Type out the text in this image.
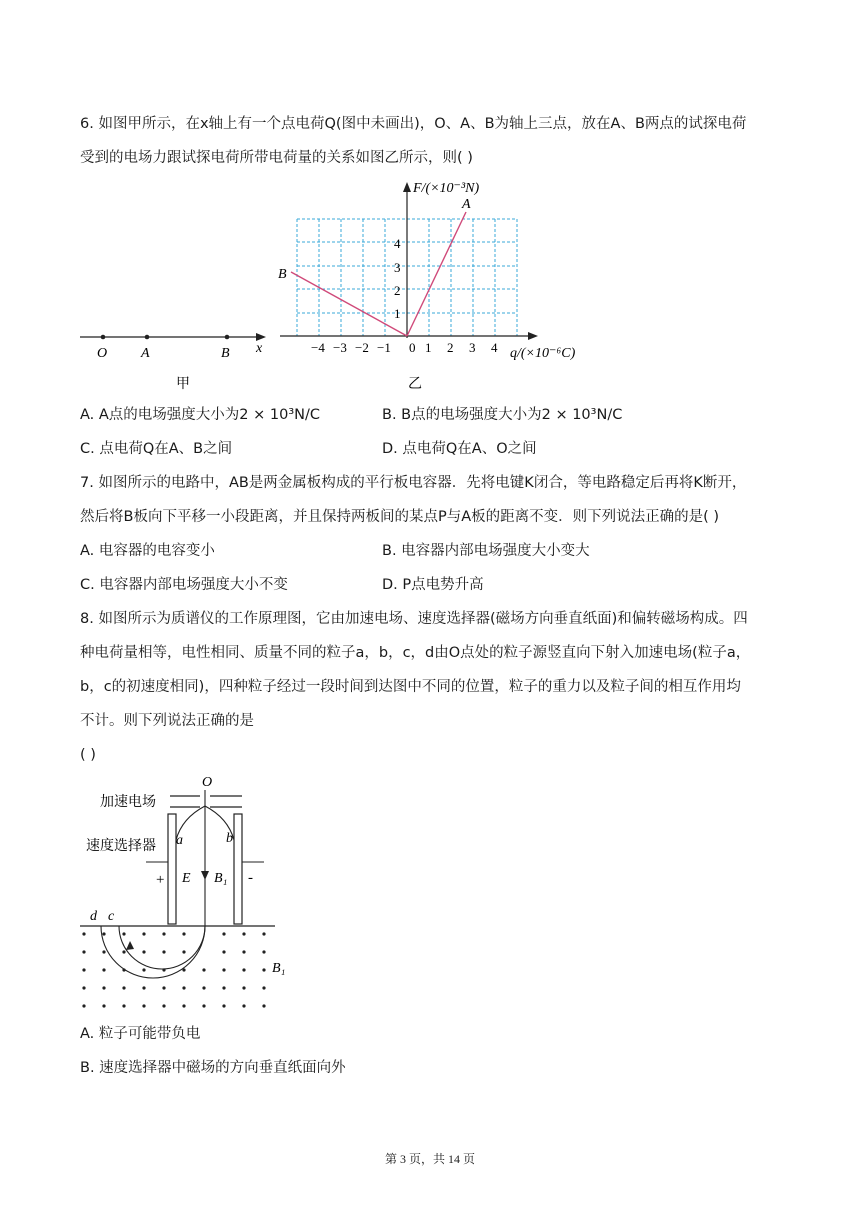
6. 如图甲所示，在x轴上有一个点电荷Q(图中未画出)，O、A、B为轴上三点，放在A、B两点的试探电荷
受到的电场力跟试探电荷所带电荷量的关系如图乙所示，则( )
O A	B x
甲
A
B
1
2
3
4
−4 −3 −2 −1 0 1 2 3 4
F/(×10⁻³N)
q/(×10⁻⁶C)
乙
A. A点的电场强度大小为2 × 10³N/C	B. B点的电场强度大小为2 × 10³N/C
C. 点电荷Q在A、B之间	D. 点电荷Q在A、O之间
7. 如图所示的电路中，AB是两金属板构成的平行板电容器．先将电键K闭合，等电路稳定后再将K断开，
然后将B板向下平移一小段距离，并且保持两板间的某点P与A板的距离不变．则下列说法正确的是( )
A. 电容器的电容变小	B. 电容器内部电场强度大小变大
C. 电容器内部电场强度大小不变	D. P点电势升高
8. 如图所示为质谱仪的工作原理图，它由加速电场、速度选择器(磁场方向垂直纸面)和偏转磁场构成。四
种电荷量相等，电性相同、质量不同的粒子a，b，c，d由O点处的粒子源竖直向下射入加速电场(粒子a，
b，c的初速度相同)，四种粒子经过一段时间到达图中不同的位置，粒子的重力以及粒子间的相互作用均
不计。则下列说法正确的是
( )
O
加速电场
速度选择器
+	-
E B₁
a	b
d c
B₁
A. 粒子可能带负电
B. 速度选择器中磁场的方向垂直纸面向外
第 3 页，共 14 页
